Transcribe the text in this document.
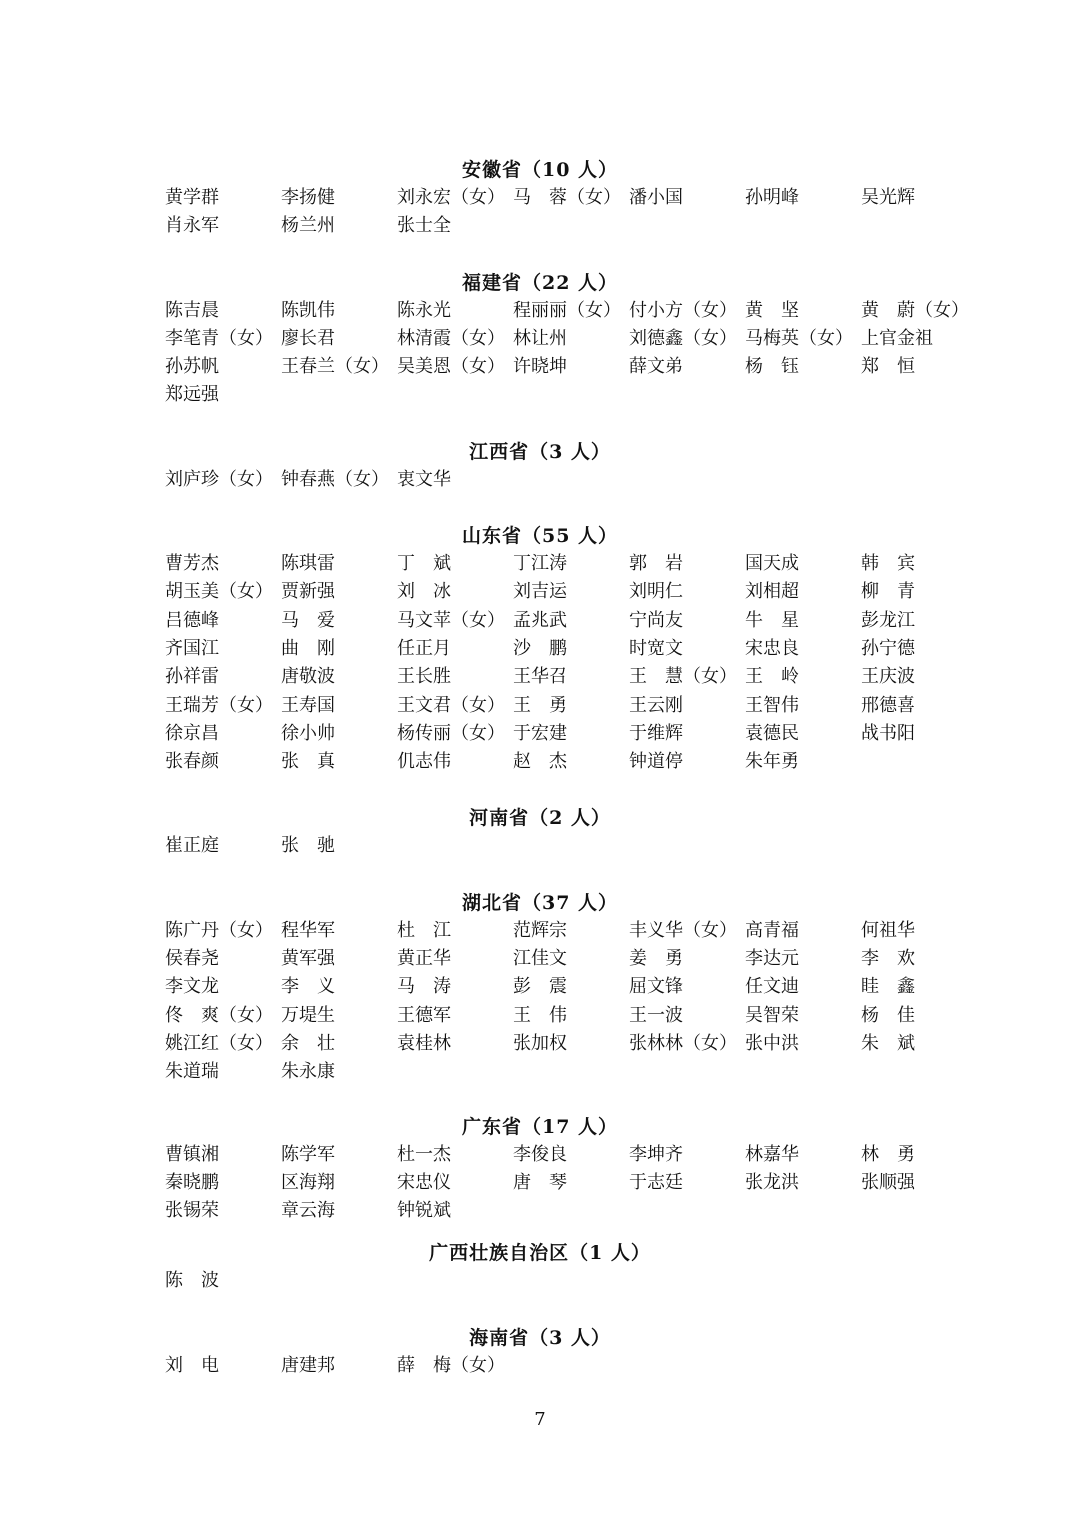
安徽省（10 人）
黄学群	李扬健	刘永宏（女） 马　蓉（女） 潘小国	孙明峰	吴光辉
肖永军	杨兰州	张士全
福建省（22 人）
陈吉晨	陈凯伟	陈永光	程丽丽（女） 付小方（女） 黄　坚	黄　蔚（女）
李笔青（女） 廖长君	林清霞（女） 林让州	刘德鑫（女） 马梅英（女） 上官金祖
孙苏帆	王春兰（女） 吴美恩（女） 许晓坤	薛文弟	杨　钰	郑　恒
郑远强
江西省（3 人）
刘庐珍（女） 钟春燕（女） 衷文华
山东省（55 人）
曹芳杰	陈琪雷	丁　斌	丁江涛	郭　岩	国天成	韩　宾
胡玉美（女） 贾新强	刘　冰	刘吉运	刘明仁	刘相超	柳　青
吕德峰	马　爱	马文苹（女） 孟兆武	宁尚友	牛　星	彭龙江
齐国江	曲　刚	任正月	沙　鹏	时宽文	宋忠良	孙宁德
孙祥雷	唐敬波	王长胜	王华召	王　慧（女） 王　岭	王庆波
王瑞芳（女） 王寿国	王文君（女） 王　勇	王云刚	王智伟	邢德喜
徐京昌	徐小帅	杨传丽（女） 于宏建	于维辉	袁德民	战书阳
张春颜	张　真	仉志伟	赵　杰	钟道停	朱年勇
河南省（2 人）
崔正庭	张　驰
湖北省（37 人）
陈广丹（女） 程华军	杜　江	范辉宗	丰义华（女） 高青福	何祖华
侯春尧	黄军强	黄正华	江佳文	姜　勇	李达元	李　欢
李文龙	李　义	马　涛	彭　震	屈文锋	任文迪	眭　鑫
佟　爽（女） 万堤生	王德军	王　伟	王一波	吴智荣	杨　佳
姚江红（女） 余　壮	袁桂林	张加权	张林林（女） 张中洪	朱　斌
朱道瑞	朱永康
广东省（17 人）
曹镇湘	陈学军	杜一杰	李俊良	李坤齐	林嘉华	林　勇
秦晓鹏	区海翔	宋忠仪	唐　琴	于志廷	张龙洪	张顺强
张锡荣	章云海	钟锐斌
广西壮族自治区（1 人）
陈　波
海南省（3 人）
刘　电	唐建邦	薛　梅（女）
7
